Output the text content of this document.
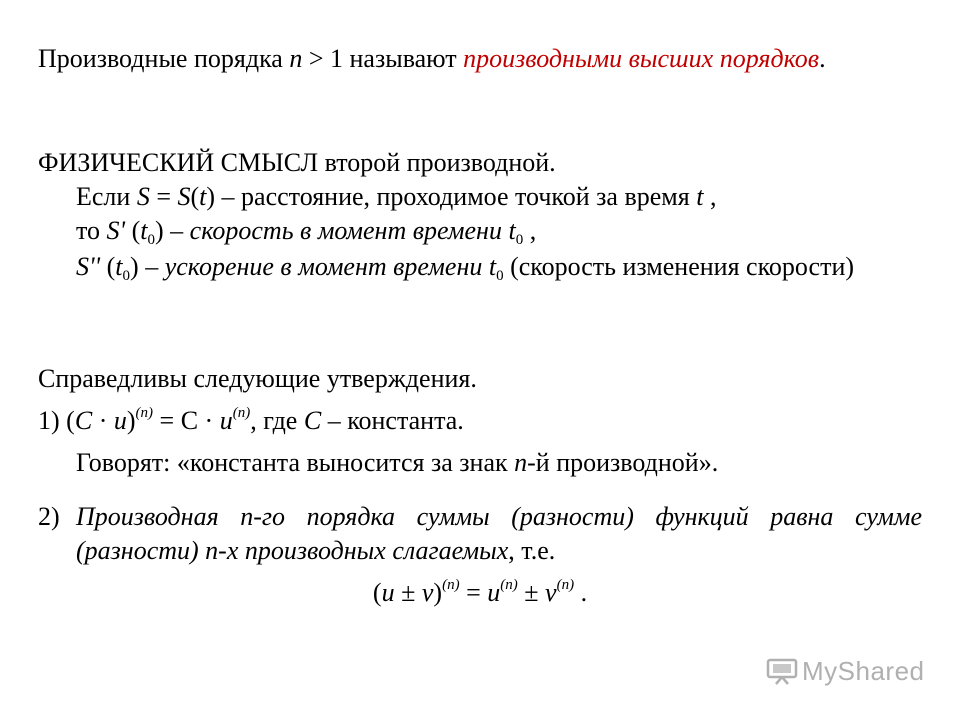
Производные порядка n > 1 называют производными высших порядков.
ФИЗИЧЕСКИЙ СМЫСЛ второй производной.
Если S = S(t) – расстояние, проходимое точкой за время t ,
то S' $(t_0)$ – скорость в момент времени $t_0$ ,
S'' $(t_0)$ – ускорение в момент времени $t_0$ (скорость изменения скорости)
Справедливы следующие утверждения.
1) $(C \cdot u)^{(n)} = С \cdot u^{(n)}$, где C – константа.
Говорят: «константа выносится за знак n-й производной».
2) Производная n-го порядка суммы (разности) функций равна сумме (разности) n-х производных слагаемых, т.е.
$(u \pm v)^{(n)} = u^{(n)} \pm v^{(n)}$ .
MyShared
